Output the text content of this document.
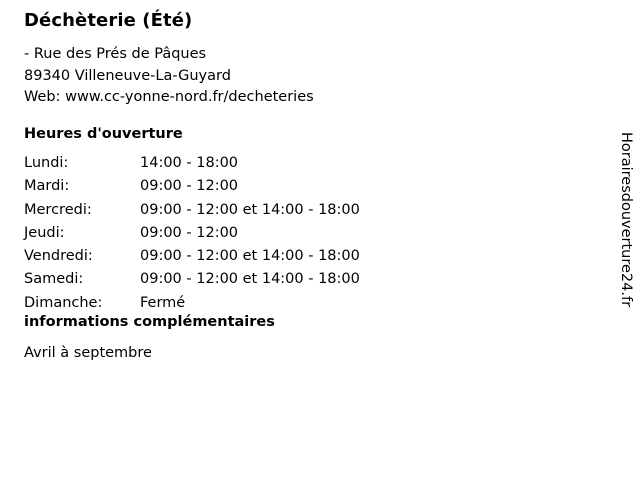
Déchèterie (Été)
- Rue des Prés de Pâques
89340 Villeneuve-La-Guyard
Web: www.cc-yonne-nord.fr/decheteries
Heures d'ouverture
Lundi:	14:00 - 18:00
Mardi:	09:00 - 12:00
Mercredi:	09:00 - 12:00 et 14:00 - 18:00
Jeudi:	09:00 - 12:00
Vendredi:	09:00 - 12:00 et 14:00 - 18:00
Samedi:	09:00 - 12:00 et 14:00 - 18:00
Dimanche:	Fermé
informations complémentaires
Avril à septembre
Horairesdouverture24.fr
